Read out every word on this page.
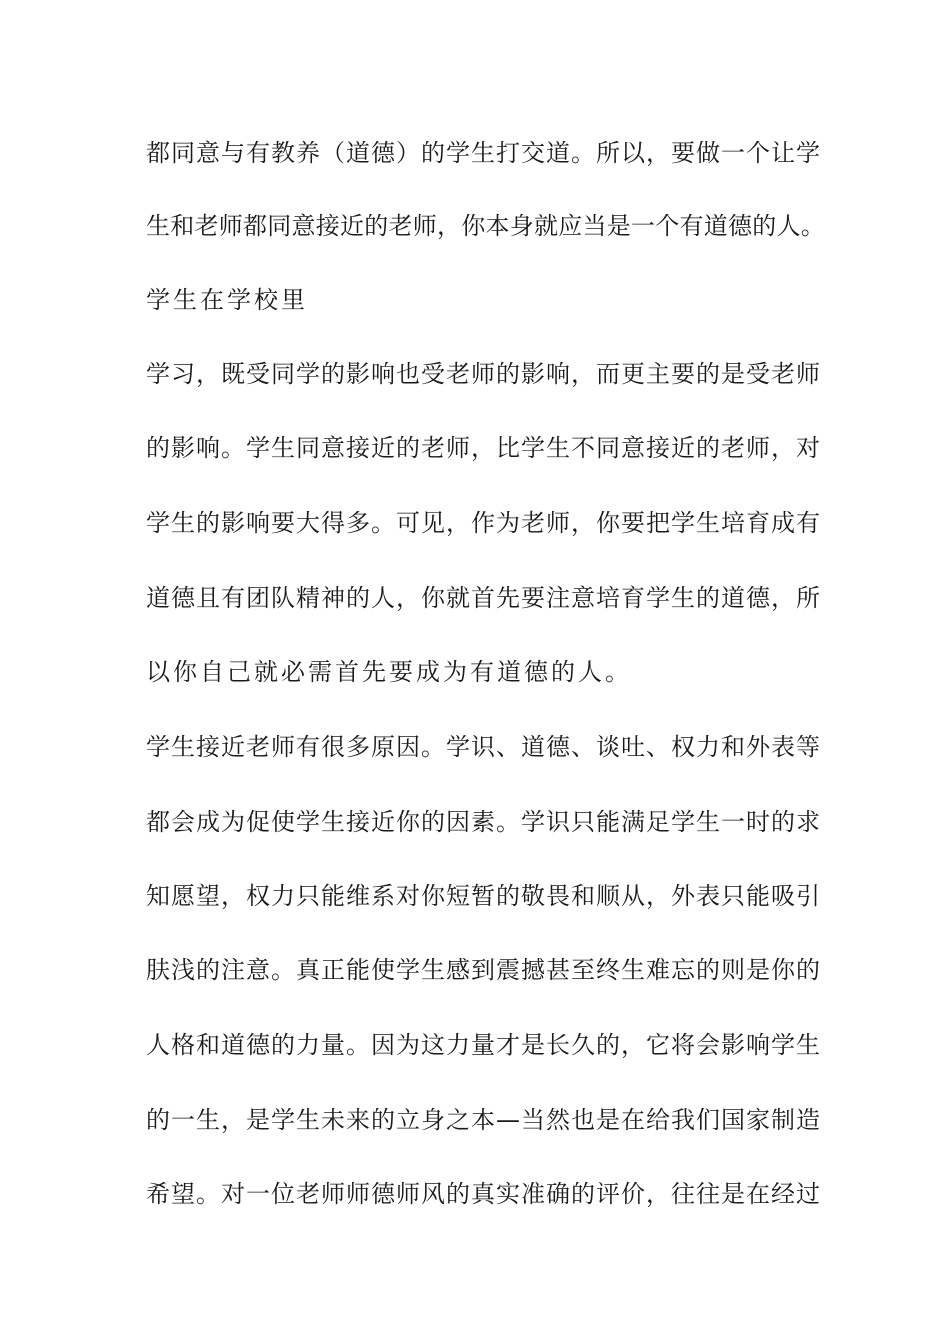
都同意与有教养（道德）的学生打交道。所以，要做一个让学
生和老师都同意接近的老师，你本身就应当是一个有道德的人。
学生在学校里
学习，既受同学的影响也受老师的影响，而更主要的是受老师
的影响。学生同意接近的老师，比学生不同意接近的老师，对
学生的影响要大得多。可见，作为老师，你要把学生培育成有
道德且有团队精神的人，你就首先要注意培育学生的道德，所
以你自己就必需首先要成为有道德的人。
学生接近老师有很多原因。学识、道德、谈吐、权力和外表等
都会成为促使学生接近你的因素。学识只能满足学生一时的求
知愿望，权力只能维系对你短暂的敬畏和顺从，外表只能吸引
肤浅的注意。真正能使学生感到震撼甚至终生难忘的则是你的
人格和道德的力量。因为这力量才是长久的，它将会影响学生
的一生，是学生未来的立身之本—当然也是在给我们国家制造
希望。对一位老师师德师风的真实准确的评价，往往是在经过
